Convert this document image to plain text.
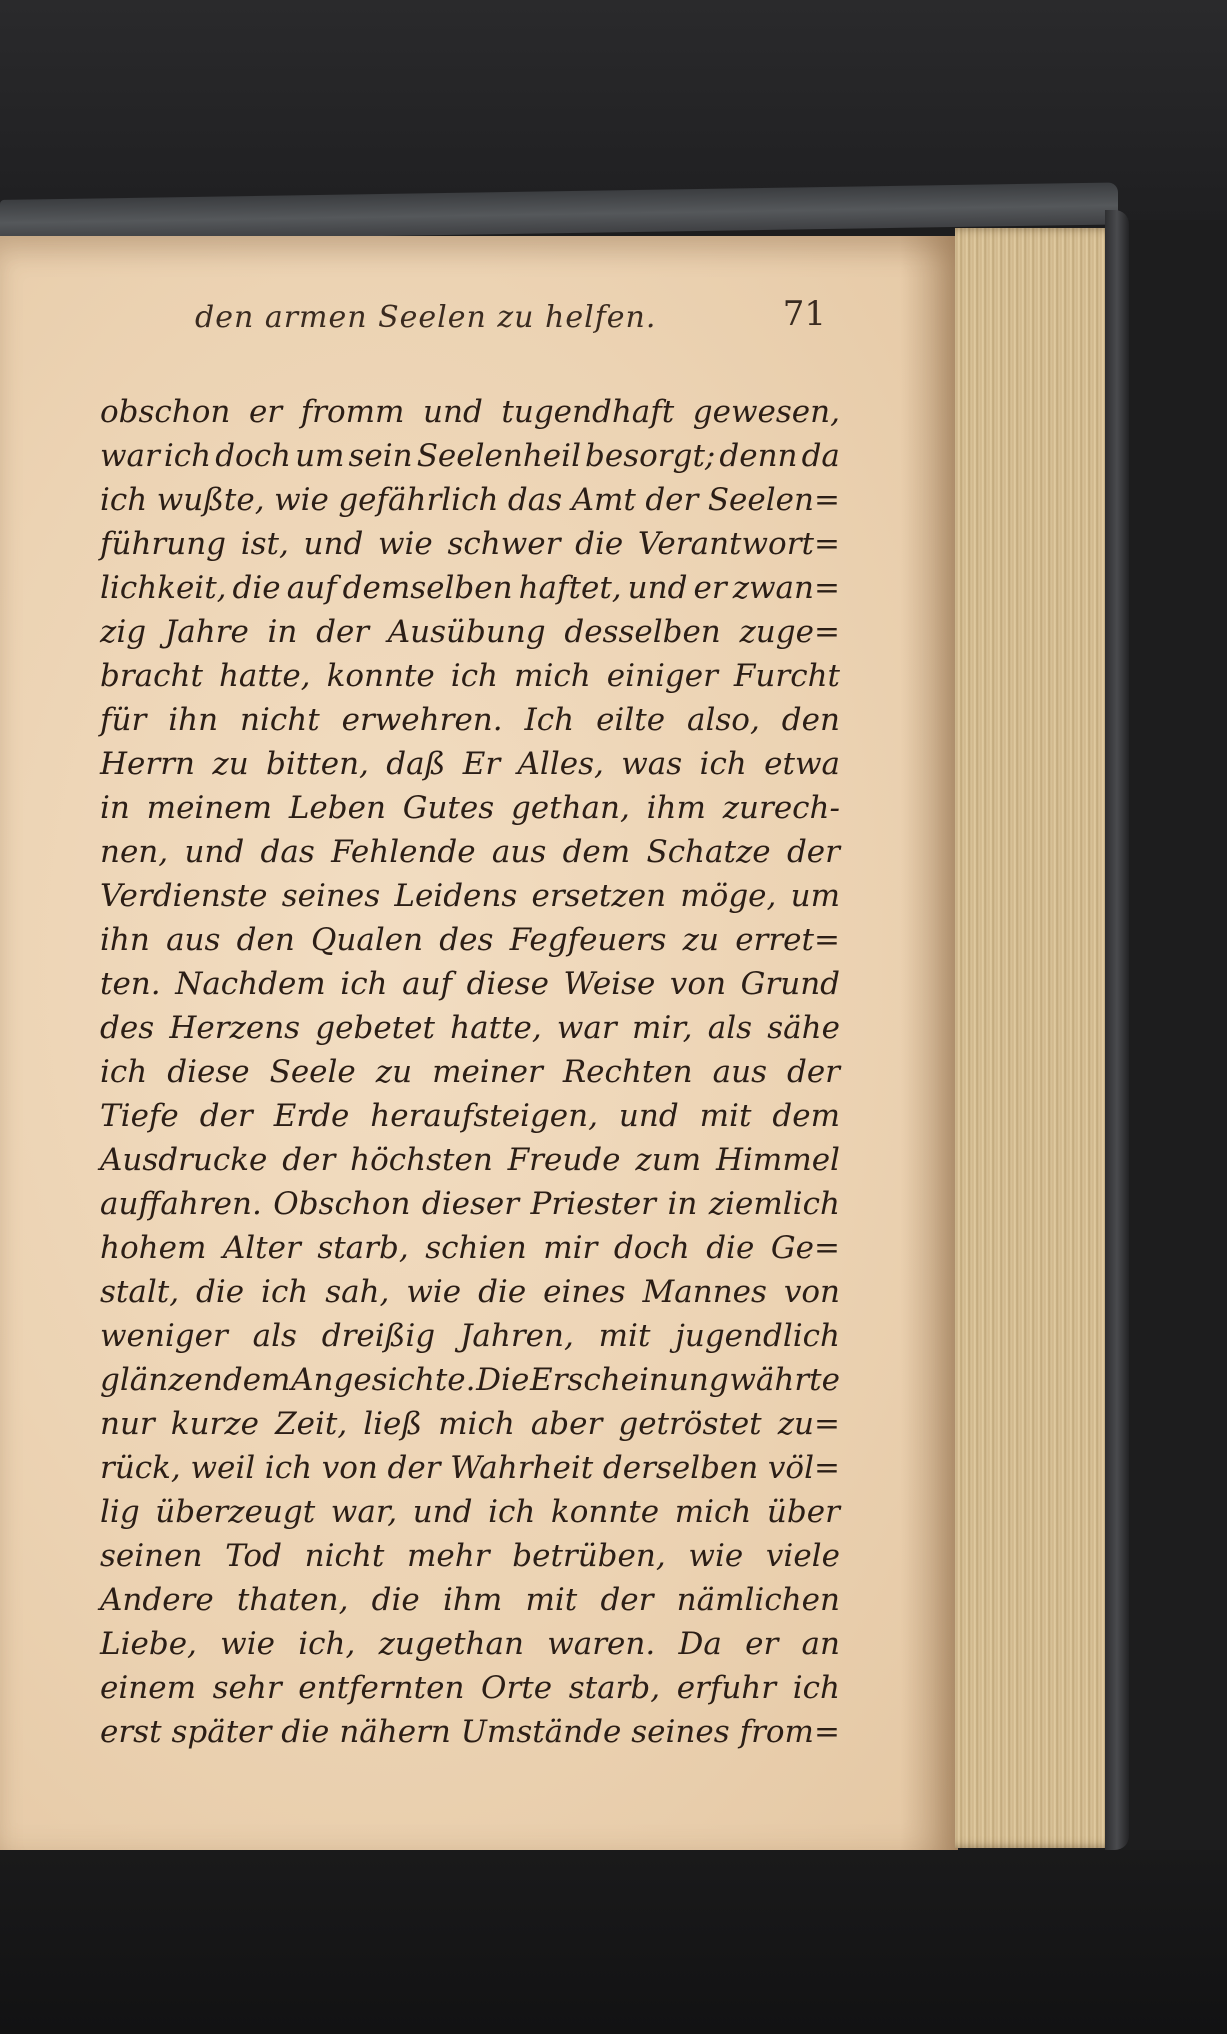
den armen Seelen zu helfen.	71
obschon er fromm und tugendhaft gewesen,
war ich doch um sein Seelenheil besorgt; denn da
ich wußte, wie gefährlich das Amt der Seelen=
führung ist, und wie schwer die Verantwort=
lichkeit, die auf demselben haftet, und er zwan=
zig Jahre in der Ausübung desselben zuge=
bracht hatte, konnte ich mich einiger Furcht
für ihn nicht erwehren. Ich eilte also, den
Herrn zu bitten, daß Er Alles, was ich etwa
in meinem Leben Gutes gethan, ihm zurech-
nen, und das Fehlende aus dem Schatze der
Verdienste seines Leidens ersetzen möge, um
ihn aus den Qualen des Fegfeuers zu erret=
ten. Nachdem ich auf diese Weise von Grund
des Herzens gebetet hatte, war mir, als sähe
ich diese Seele zu meiner Rechten aus der
Tiefe der Erde heraufsteigen, und mit dem
Ausdrucke der höchsten Freude zum Himmel
auffahren. Obschon dieser Priester in ziemlich
hohem Alter starb, schien mir doch die Ge=
stalt, die ich sah, wie die eines Mannes von
weniger als dreißig Jahren, mit jugendlich
glänzendem Angesichte. Die Erscheinung währte
nur kurze Zeit, ließ mich aber getröstet zu=
rück, weil ich von der Wahrheit derselben völ=
lig überzeugt war, und ich konnte mich über
seinen Tod nicht mehr betrüben, wie viele
Andere thaten, die ihm mit der nämlichen
Liebe, wie ich, zugethan waren. Da er an
einem sehr entfernten Orte starb, erfuhr ich
erst später die nähern Umstände seines from=
